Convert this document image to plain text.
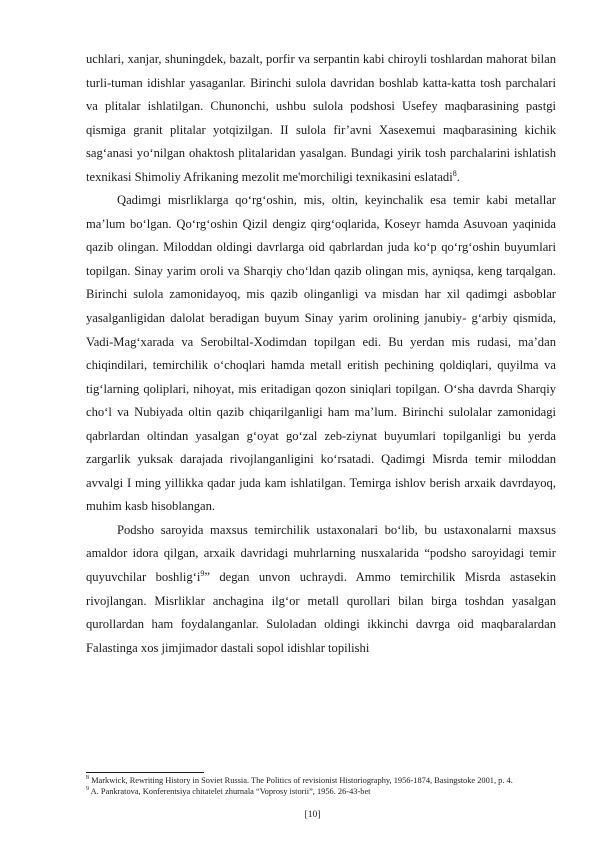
uchlari, xanjar, shuningdek, bazalt, porfir va serpantin kabi chiroyli toshlardan mahorat bilan turli-tuman idishlar yasaganlar. Birinchi sulola davridan boshlab katta-katta tosh parchalari va plitalar ishlatilgan. Chunonchi, ushbu sulola podshosi Usefey maqbarasining pastgi qismiga granit plitalar yotqizilgan. II sulola fir’avni Xasexemui maqbarasining kichik sag‘anasi yo‘nilgan ohaktosh plitalaridan yasalgan. Bundagi yirik tosh parchalarini ishlatish texnikasi Shimoliy Afrikaning mezolit me'morchiligi texnikasini eslatadi$^8$.

Qadimgi misrliklarga qo‘rg‘oshin, mis, oltin, keyinchalik esa temir kabi metallar ma’lum bo‘lgan. Qo‘rg‘oshin Qizil dengiz qirg‘oqlarida, Koseyr hamda Asuvoan yaqinida qazib olingan. Miloddan oldingi davrlarga oid qabrlardan juda ko‘p qo‘rg‘oshin buyumlari topilgan. Sinay yarim oroli va Sharqiy cho‘ldan qazib olingan mis, ayniqsa, keng tarqalgan. Birinchi sulola zamonidayoq, mis qazib olinganligi va misdan har xil qadimgi asboblar yasalganligidan dalolat beradigan buyum Sinay yarim orolining janubiy- g‘arbiy qismida, Vadi-Mag‘xarada va Serobiltal-Xodimdan topilgan edi. Bu yerdan mis rudasi, ma’dan chiqindilari, temirchilik o‘choqlari hamda metall eritish pechining qoldiqlari, quyilma va tig‘larning qoliplari, nihoyat, mis eritadigan qozon siniqlari topilgan. O‘sha davrda Sharqiy cho‘l va Nubiyada oltin qazib chiqarilganligi ham ma’lum. Birinchi sulolalar zamonidagi qabrlardan oltindan yasalgan g‘oyat go‘zal zeb-ziynat buyumlari topilganligi bu yerda zargarlik yuksak darajada rivojlanganligini ko‘rsatadi. Qadimgi Misrda temir miloddan avvalgi I ming yillikka qadar juda kam ishlatilgan. Temirga ishlov berish arxaik davrdayoq, muhim kasb hisoblangan.

Podsho saroyida maxsus temirchilik ustaxonalari bo‘lib, bu ustaxonalarni maxsus amaldor idora qilgan, arxaik davridagi muhrlarning nusxalarida “podsho saroyidagi temir quyuvchilar $boshlig‘i^9$” degan unvon uchraydi. Ammo temirchilik Misrda astasekin rivojlangan. Misrliklar anchagina ilg‘or metall qurollari bilan birga toshdan yasalgan qurollardan ham foydalanganlar. Suloladan oldingi ikkinchi davrga oid maqbaralardan Falastinga xos jimjimador dastali sopol idishlar topilishi

$^8$ Markwick, Rewriting History in Soviet Russia. The Politics of revisionist Historiography, 1956-1874, Basingstoke 2001, p. 4.

$^9$ A. Pankratova, Konferentsiya chitatelei zhurnala “Voprosy istorii”, 1956. 26-43-bet

[10]
